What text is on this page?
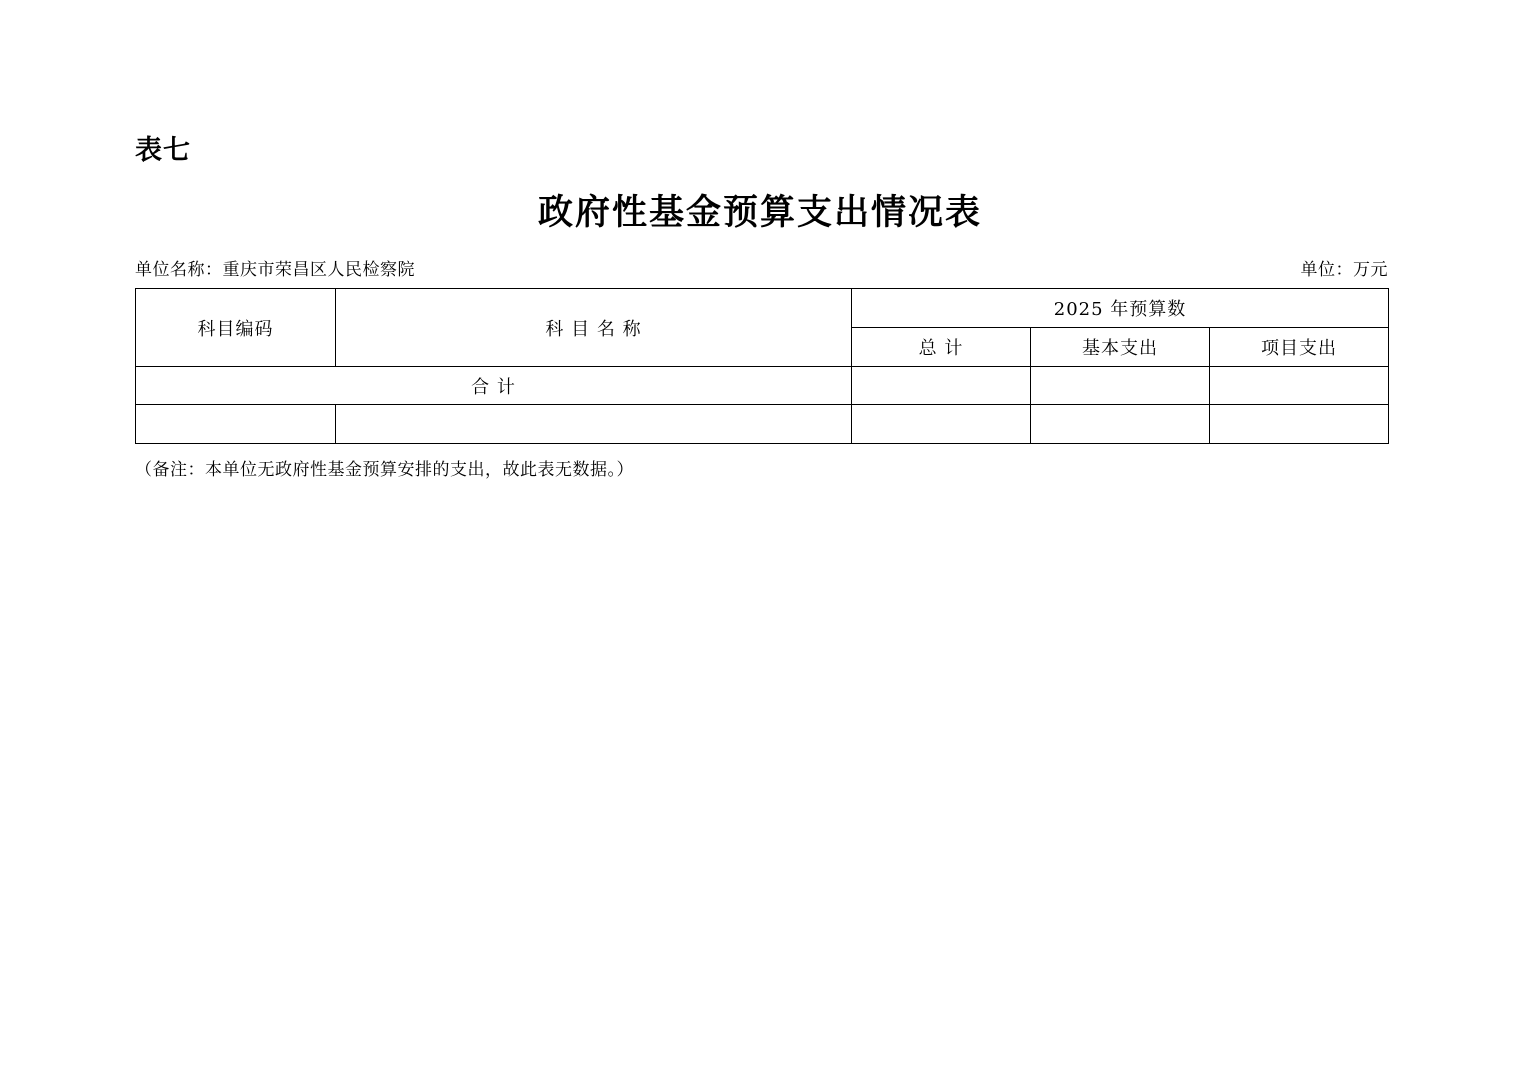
表七
政府性基金预算支出情况表
单位名称：重庆市荣昌区人民检察院	单位：万元
科目编码	科 目 名 称	2025 年预算数		
		总 计	基本支出	项目支出
合 计				

（备注：本单位无政府性基金预算安排的支出，故此表无数据。）
